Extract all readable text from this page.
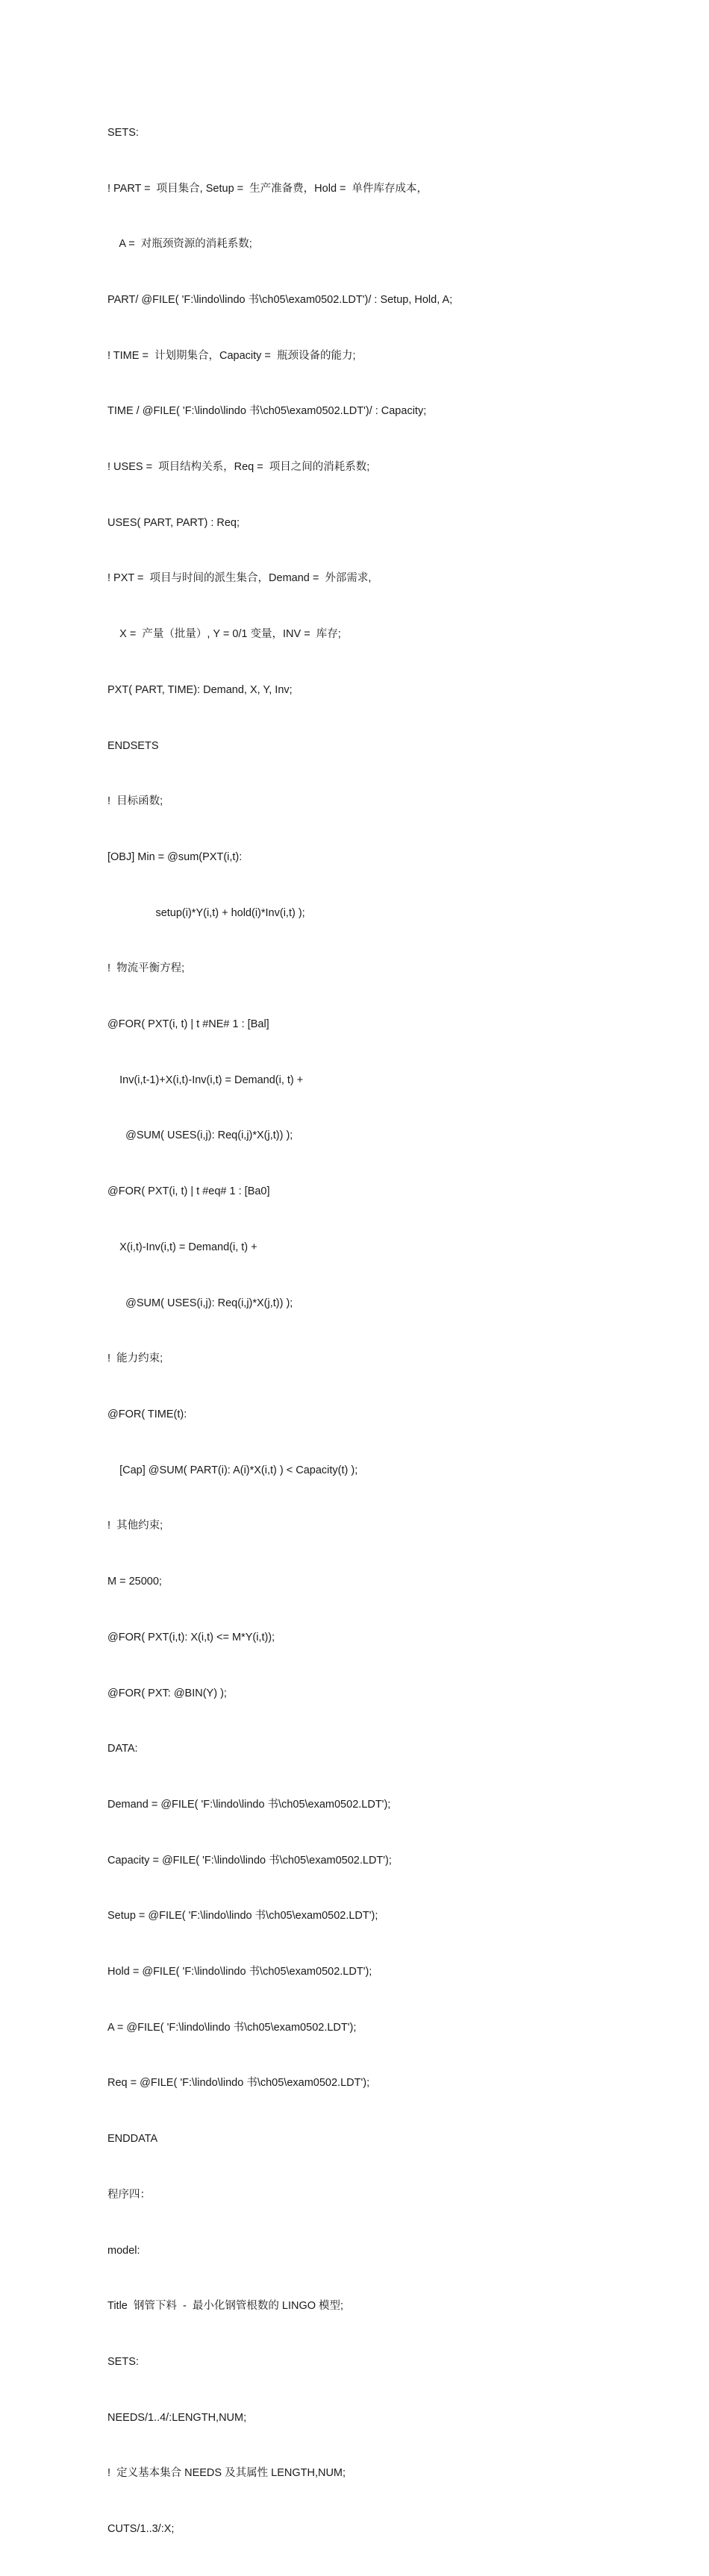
SETS:

! PART =  项目集合, Setup =  生产准备费，Hold =  单件库存成本，

A =  对瓶颈资源的消耗系数;

PART/ @FILE( 'F:\lindo\lindo 书\ch05\exam0502.LDT')/ : Setup, Hold, A;

! TIME =  计划期集合，Capacity =  瓶颈设备的能力;

TIME / @FILE( 'F:\lindo\lindo 书\ch05\exam0502.LDT')/ : Capacity;

! USES =  项目结构关系，Req =  项目之间的消耗系数;

USES( PART, PART) : Req;

! PXT =  项目与时间的派生集合，Demand =  外部需求,

X =  产量（批量）, Y = 0/1 变量，INV =  库存;

PXT( PART, TIME): Demand, X, Y, Inv;

ENDSETS

!  目标函数;

[OBJ] Min = @sum(PXT(i,t):

setup(i)*Y(i,t) + hold(i)*Inv(i,t) );

!  物流平衡方程;

@FOR( PXT(i, t) | t #NE# 1 : [Bal]

Inv(i,t-1)+X(i,t)-Inv(i,t) = Demand(i, t) +

@SUM( USES(i,j): Req(i,j)*X(j,t)) );

@FOR( PXT(i, t) | t #eq# 1 : [Ba0]

X(i,t)-Inv(i,t) = Demand(i, t) +

@SUM( USES(i,j): Req(i,j)*X(j,t)) );

!  能力约束;

@FOR( TIME(t):

[Cap] @SUM( PART(i): A(i)*X(i,t) ) < Capacity(t) );

!  其他约束;

M = 25000;

@FOR( PXT(i,t): X(i,t) <= M*Y(i,t));

@FOR( PXT: @BIN(Y) );

DATA:

Demand = @FILE( 'F:\lindo\lindo 书\ch05\exam0502.LDT');

Capacity = @FILE( 'F:\lindo\lindo 书\ch05\exam0502.LDT');

Setup = @FILE( 'F:\lindo\lindo 书\ch05\exam0502.LDT');

Hold = @FILE( 'F:\lindo\lindo 书\ch05\exam0502.LDT');

A = @FILE( 'F:\lindo\lindo 书\ch05\exam0502.LDT');

Req = @FILE( 'F:\lindo\lindo 书\ch05\exam0502.LDT');

ENDDATA

程序四：

model:

Title  钢管下料  -  最小化钢管根数的 LINGO 模型;

SETS:

NEEDS/1..4/:LENGTH,NUM;

!  定义基本集合 NEEDS 及其属性 LENGTH,NUM;

CUTS/1..3/:X;
